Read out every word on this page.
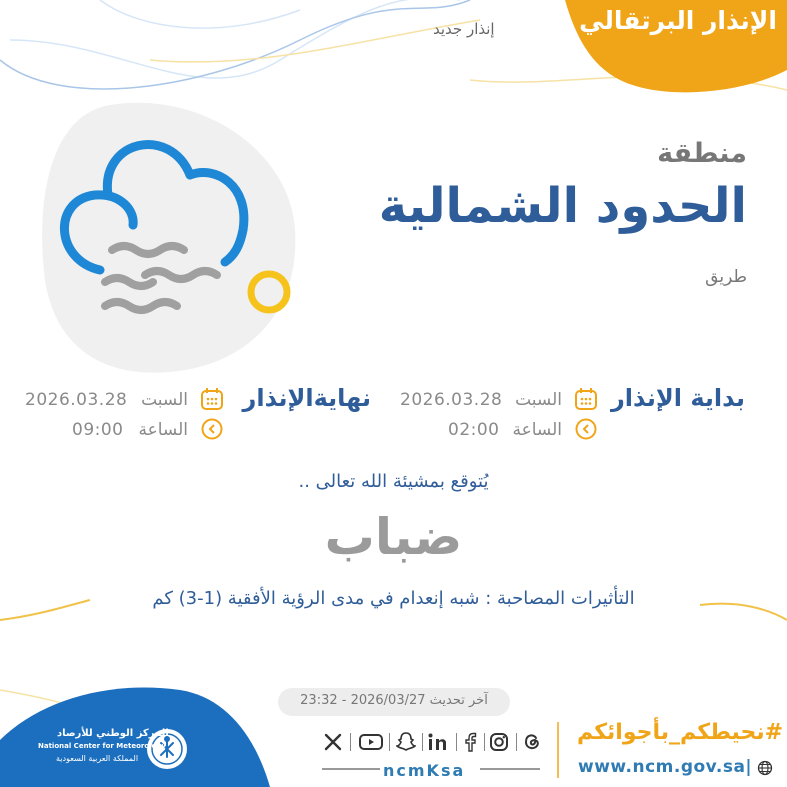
الإنذار البرتقالي
إنذار جديد
منطقة
الحدود الشمالية
طريق
بداية الإنذار
السبت
2026.03.28
الساعة
02:00
نهايةالإنذار
السبت
2026.03.28
الساعة
09:00
يُتوقع بمشيئة الله تعالى ..
ضباب
التأثيرات المصاحبة : شبه إنعدام في مدى الرؤية الأفقية (1-3) كم
آخر تحديث 2026/03/27 - 23:32
المركز الوطني للأرصاد
National Center for Meteorology
المملكة العربية السعودية
ncmKsa
#نحيطكم_بأجوائكم
www.ncm.gov.sa|
